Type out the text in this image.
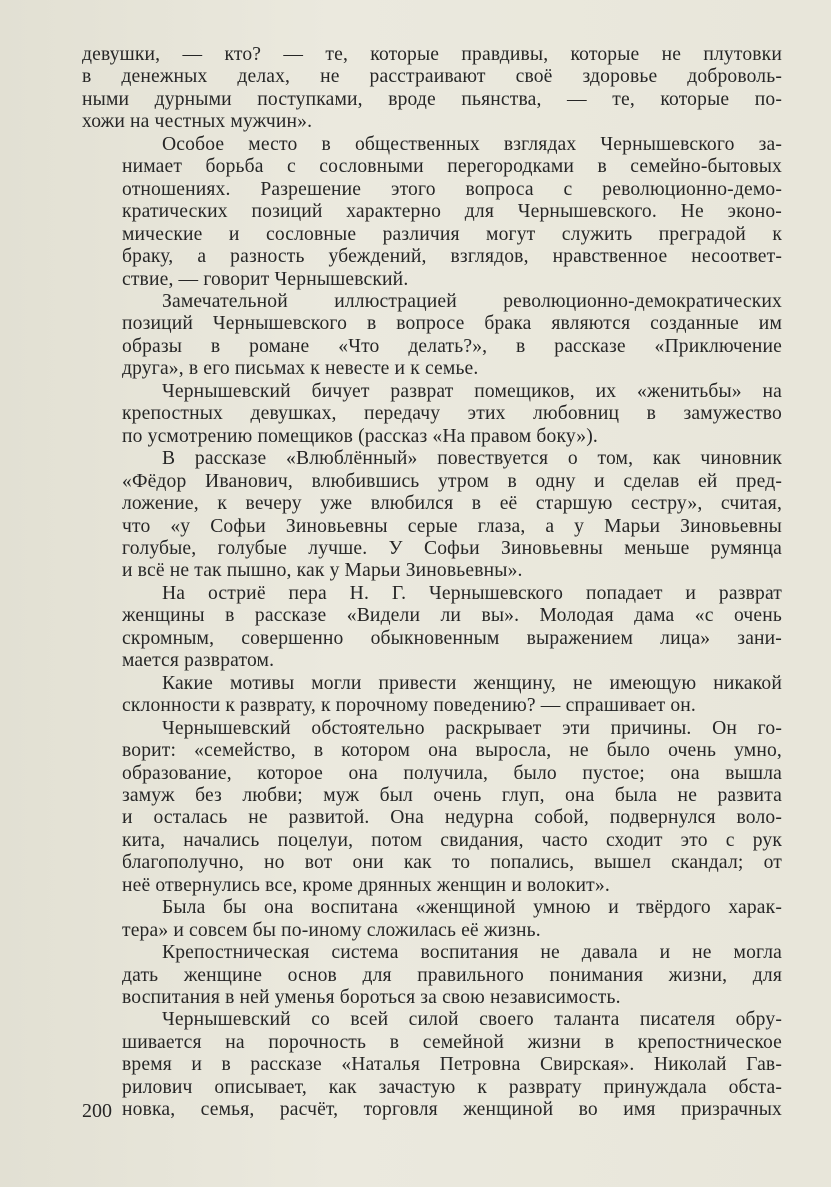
девушки, — кто? — те, которые правдивы, которые не плутовки
в денежных делах, не расстраивают своё здоровье доброволь-
ными дурными поступками, вроде пьянства, — те, которые по-
хожи на честных мужчин».
Особое место в общественных взглядах Чернышевского за-
нимает борьба с сословными перегородками в семейно-бытовых
отношениях. Разрешение этого вопроса с революционно-демо-
кратических позиций характерно для Чернышевского. Не эконо-
мические и сословные различия могут служить преградой к
браку, а разность убеждений, взглядов, нравственное несоответ-
ствие, — говорит Чернышевский.
Замечательной иллюстрацией революционно-демократических
позиций Чернышевского в вопросе брака являются созданные им
образы в романе «Что делать?», в рассказе «Приключение
друга», в его письмах к невесте и к семье.
Чернышевский бичует разврат помещиков, их «женитьбы» на
крепостных девушках, передачу этих любовниц в замужество
по усмотрению помещиков (рассказ «На правом боку»).
В рассказе «Влюблённый» повествуется о том, как чиновник
«Фёдор Иванович, влюбившись утром в одну и сделав ей пред-
ложение, к вечеру уже влюбился в её старшую сестру», считая,
что «у Софьи Зиновьевны серые глаза, а у Марьи Зиновьевны
голубые, голубые лучше. У Софьи Зиновьевны меньше румянца
и всё не так пышно, как у Марьи Зиновьевны».
На остриё пера Н. Г. Чернышевского попадает и разврат
женщины в рассказе «Видели ли вы». Молодая дама «с очень
скромным, совершенно обыкновенным выражением лица» зани-
мается развратом.
Какие мотивы могли привести женщину, не имеющую никакой
склонности к разврату, к порочному поведению? — спрашивает он.
Чернышевский обстоятельно раскрывает эти причины. Он го-
ворит: «семейство, в котором она выросла, не было очень умно,
образование, которое она получила, было пустое; она вышла
замуж без любви; муж был очень глуп, она была не развита
и осталась не развитой. Она недурна собой, подвернулся воло-
кита, начались поцелуи, потом свидания, часто сходит это с рук
благополучно, но вот они как то попались, вышел скандал; от
неё отвернулись все, кроме дрянных женщин и волокит».
Была бы она воспитана «женщиной умною и твёрдого харак-
тера» и совсем бы по-иному сложилась её жизнь.
Крепостническая система воспитания не давала и не могла
дать женщине основ для правильного понимания жизни, для
воспитания в ней уменья бороться за свою независимость.
Чернышевский со всей силой своего таланта писателя обру-
шивается на порочность в семейной жизни в крепостническое
время и в рассказе «Наталья Петровна Свирская». Николай Гав-
рилович описывает, как зачастую к разврату принуждала обста-
новка, семья, расчёт, торговля женщиной во имя призрачных
200
